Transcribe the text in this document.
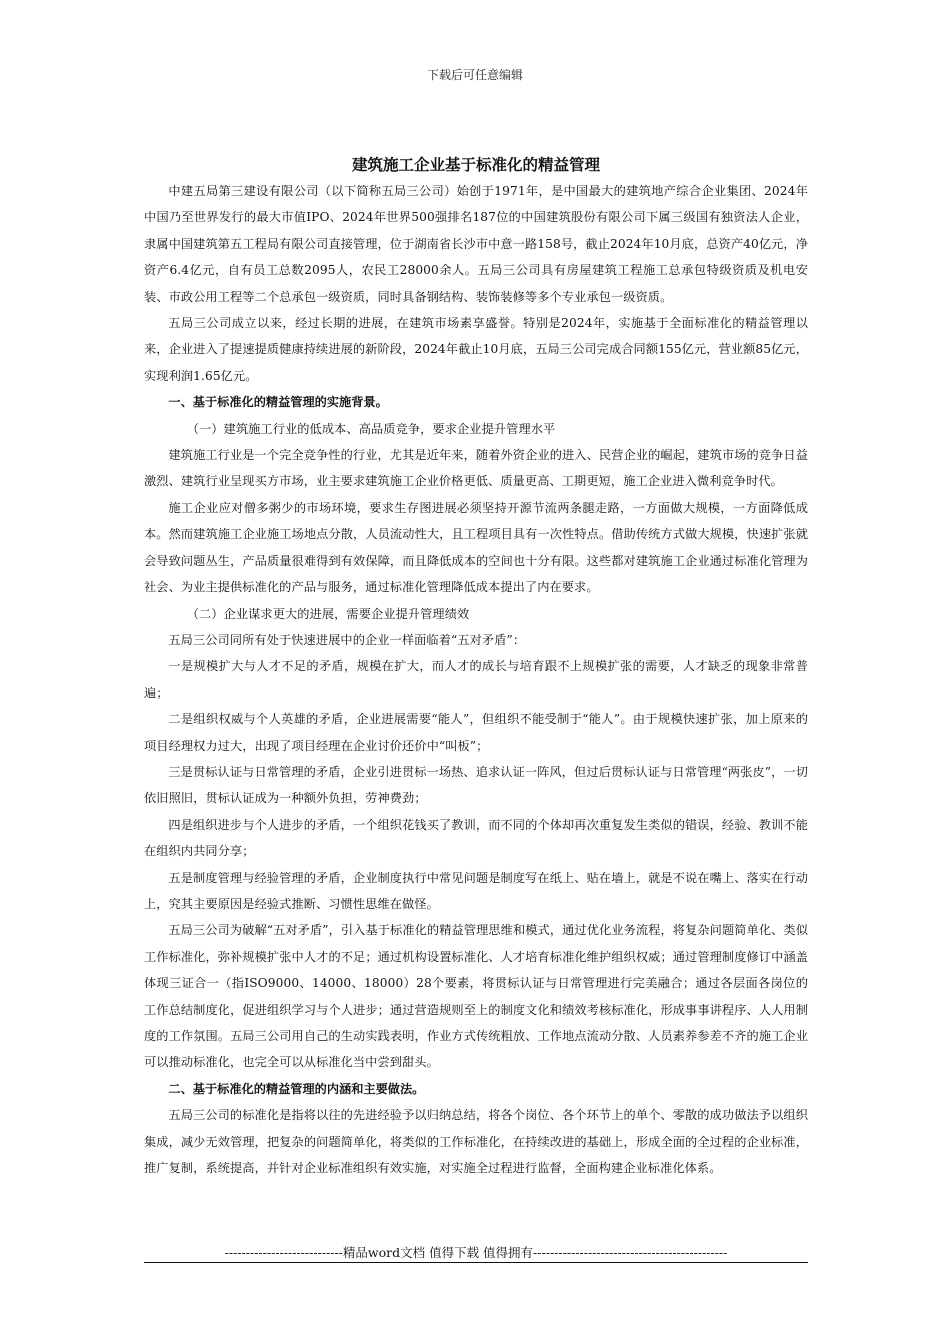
下载后可任意编辑
建筑施工企业基于标准化的精益管理

中建五局第三建设有限公司（以下简称五局三公司）始创于1971年，是中国最大的建筑地产综合企业集团、2024年中国乃至世界发行的最大市值IPO、2024年世界500强排名187位的中国建筑股份有限公司下属三级国有独资法人企业，隶属中国建筑第五工程局有限公司直接管理，位于湖南省长沙市中意一路158号，截止2024年10月底，总资产40亿元，净资产6.4亿元，自有员工总数2095人，农民工28000余人。五局三公司具有房屋建筑工程施工总承包特级资质及机电安装、市政公用工程等二个总承包一级资质，同时具备钢结构、装饰装修等多个专业承包一级资质。

五局三公司成立以来，经过长期的进展，在建筑市场素享盛誉。特别是2024年，实施基于全面标准化的精益管理以来，企业进入了提速提质健康持续进展的新阶段，2024年截止10月底，五局三公司完成合同额155亿元，营业额85亿元，实现利润1.65亿元。

一、基于标准化的精益管理的实施背景。

（一）建筑施工行业的低成本、高品质竞争，要求企业提升管理水平

建筑施工行业是一个完全竞争性的行业，尤其是近年来，随着外资企业的进入、民营企业的崛起，建筑市场的竞争日益激烈、建筑行业呈现买方市场，业主要求建筑施工企业价格更低、质量更高、工期更短，施工企业进入微利竞争时代。

施工企业应对僧多粥少的市场环境，要求生存图进展必须坚持开源节流两条腿走路，一方面做大规模，一方面降低成本。然而建筑施工企业施工场地点分散，人员流动性大，且工程项目具有一次性特点。借助传统方式做大规模，快速扩张就会导致问题丛生，产品质量很难得到有效保障，而且降低成本的空间也十分有限。这些都对建筑施工企业通过标准化管理为社会、为业主提供标准化的产品与服务，通过标准化管理降低成本提出了内在要求。

（二）企业谋求更大的进展，需要企业提升管理绩效

五局三公司同所有处于快速进展中的企业一样面临着“五对矛盾”：

一是规模扩大与人才不足的矛盾，规模在扩大，而人才的成长与培育跟不上规模扩张的需要，人才缺乏的现象非常普遍；

二是组织权威与个人英雄的矛盾，企业进展需要“能人”，但组织不能受制于“能人”。由于规模快速扩张，加上原来的项目经理权力过大，出现了项目经理在企业讨价还价中“叫板”；

三是贯标认证与日常管理的矛盾，企业引进贯标一场热、追求认证一阵风，但过后贯标认证与日常管理“两张皮”，一切依旧照旧，贯标认证成为一种额外负担，劳神费劲；

四是组织进步与个人进步的矛盾，一个组织花钱买了教训，而不同的个体却再次重复发生类似的错误，经验、教训不能在组织内共同分享；

五是制度管理与经验管理的矛盾，企业制度执行中常见问题是制度写在纸上、贴在墙上，就是不说在嘴上、落实在行动上，究其主要原因是经验式推断、习惯性思维在做怪。

五局三公司为破解“五对矛盾”，引入基于标准化的精益管理思维和模式，通过优化业务流程，将复杂问题简单化、类似工作标准化，弥补规模扩张中人才的不足；通过机构设置标准化、人才培育标准化维护组织权威；通过管理制度修订中涵盖体现三证合一（指ISO9000、14000、18000）28个要素，将贯标认证与日常管理进行完美融合；通过各层面各岗位的工作总结制度化，促进组织学习与个人进步；通过营造规则至上的制度文化和绩效考核标准化，形成事事讲程序、人人用制度的工作氛围。五局三公司用自己的生动实践表明，作业方式传统粗放、工作地点流动分散、人员素养参差不齐的施工企业可以推动标准化，也完全可以从标准化当中尝到甜头。

二、基于标准化的精益管理的内涵和主要做法。

五局三公司的标准化是指将以往的先进经验予以归纳总结，将各个岗位、各个环节上的单个、零散的成功做法予以组织集成，减少无效管理，把复杂的问题简单化，将类似的工作标准化，在持续改进的基础上，形成全面的全过程的企业标准，推广复制，系统提高，并针对企业标准组织有效实施，对实施全过程进行监督，全面构建企业标准化体系。

----------------------------精品word文档 值得下载 值得拥有----------------------------------------------
